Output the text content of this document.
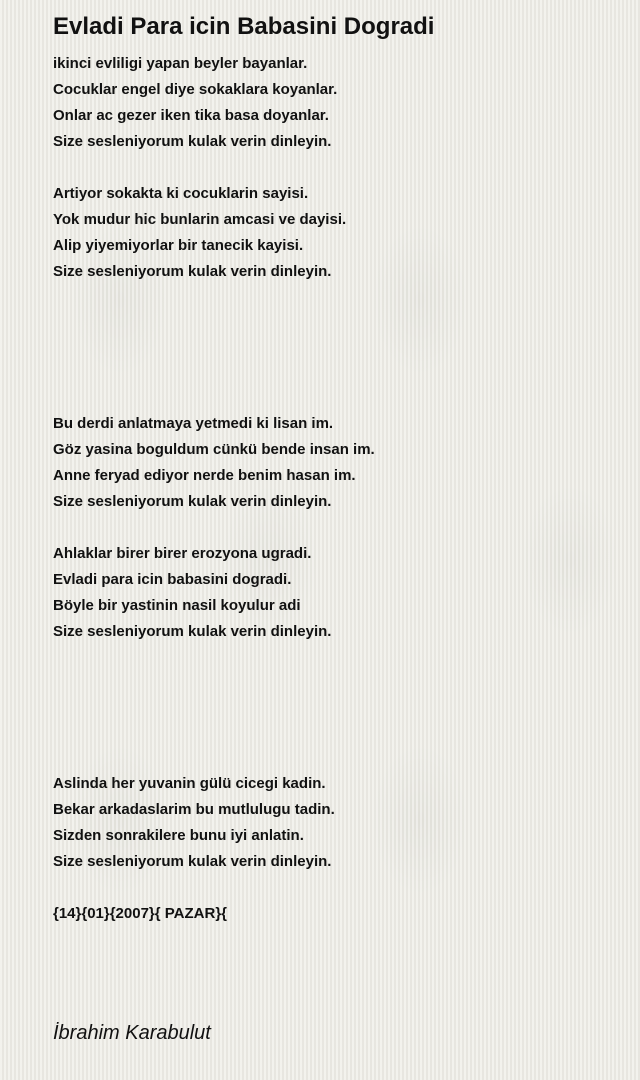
Evladi Para icin Babasini Dogradi
ikinci evliligi yapan beyler bayanlar.
Cocuklar engel diye sokaklara koyanlar.
Onlar ac gezer iken tika basa doyanlar.
Size sesleniyorum kulak verin dinleyin.
Artiyor sokakta ki cocuklarin sayisi.
Yok mudur hic bunlarin amcasi ve dayisi.
Alip yiyemiyorlar bir tanecik kayisi.
Size sesleniyorum kulak verin dinleyin.
Bu derdi anlatmaya yetmedi ki lisan im.
Göz yasina boguldum cünkü bende insan im.
Anne feryad ediyor nerde benim hasan im.
Size sesleniyorum kulak verin dinleyin.
Ahlaklar birer birer erozyona ugradi.
Evladi para icin babasini dogradi.
Böyle bir yastinin nasil koyulur adi
Size sesleniyorum kulak verin dinleyin.
Aslinda her yuvanin gülü cicegi kadin.
Bekar arkadaslarim bu mutlulugu tadin.
Sizden sonrakilere bunu iyi anlatin.
Size sesleniyorum kulak verin dinleyin.
{14}{01}{2007}{ PAZAR}{
İbrahim Karabulut
